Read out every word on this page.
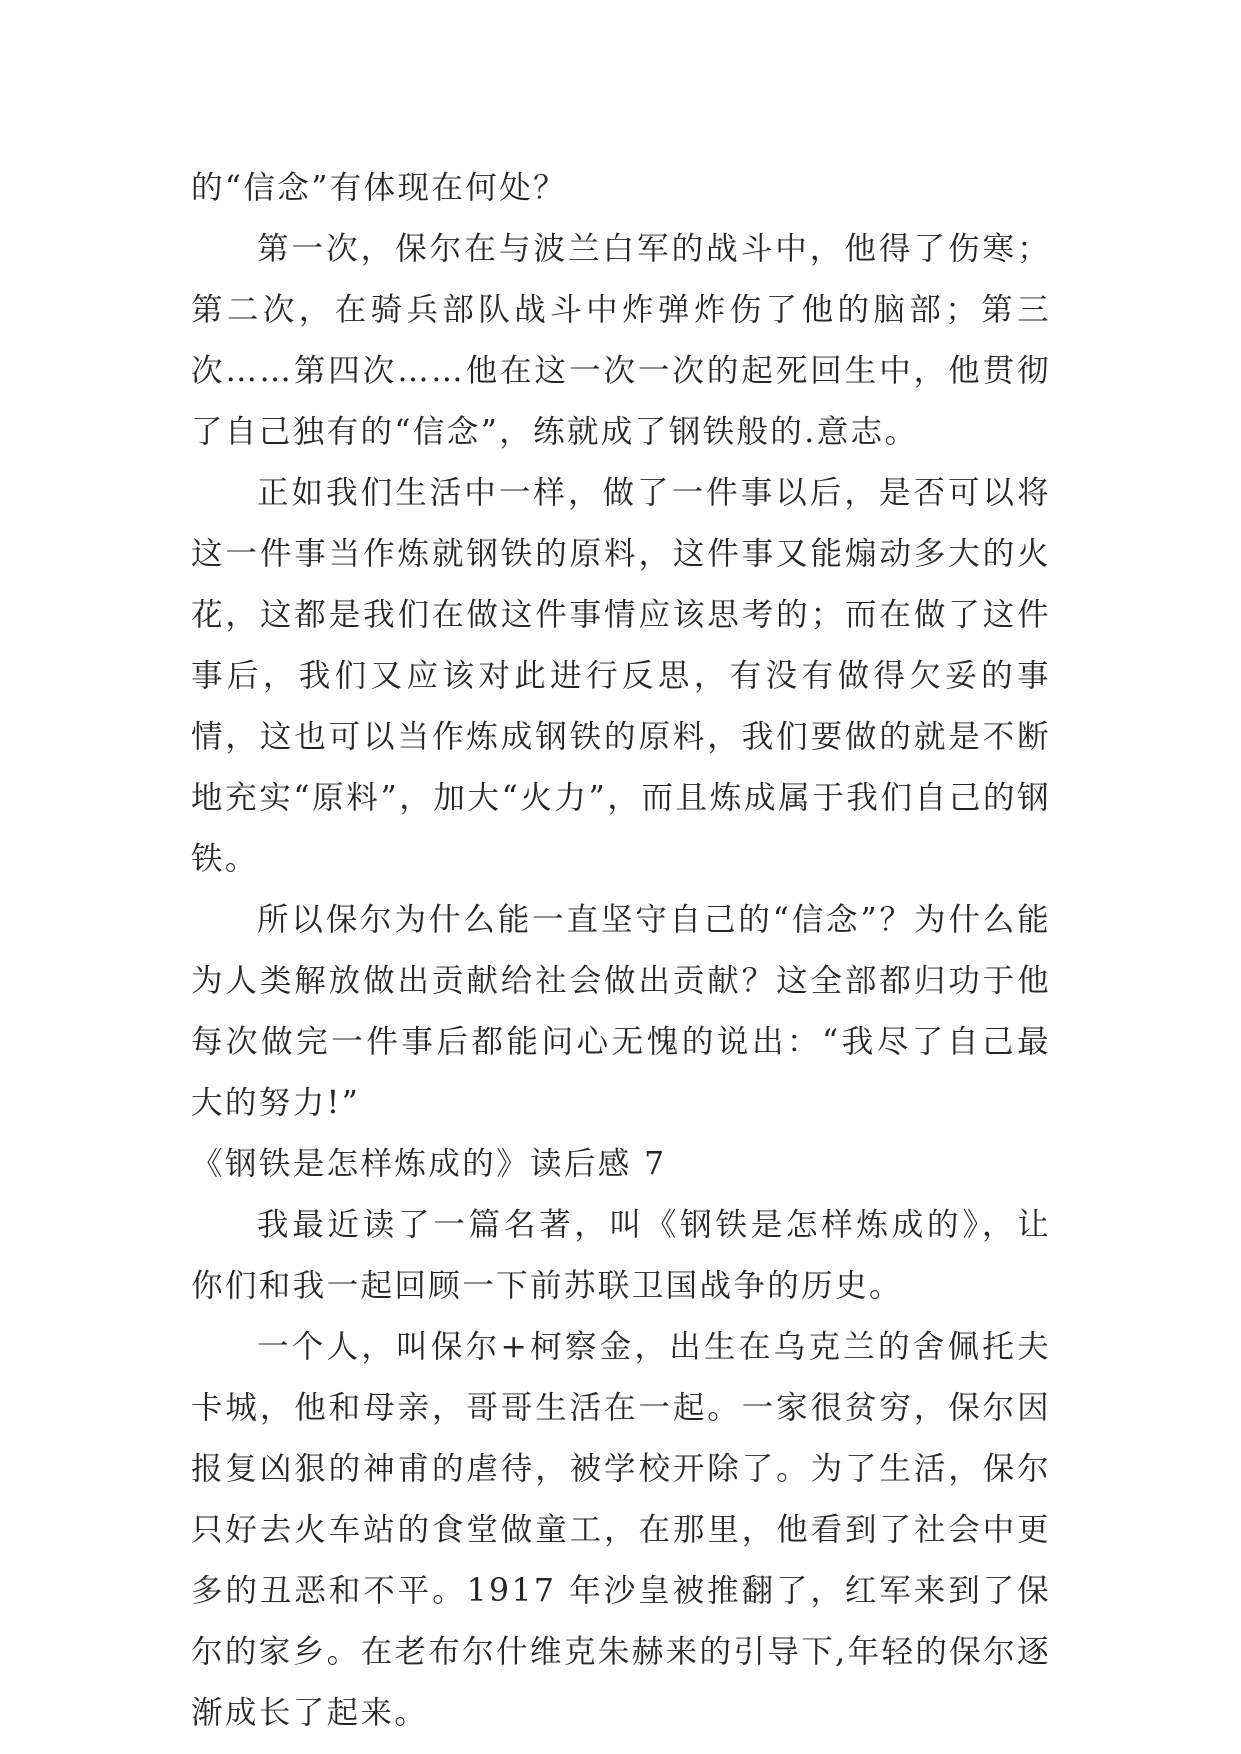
的“信念”有体现在何处？

第一次，保尔在与波兰白军的战斗中，他得了伤寒；第二次，在骑兵部队战斗中炸弹炸伤了他的脑部；第三次……第四次……他在这一次一次的起死回生中，他贯彻了自己独有的“信念”，练就成了钢铁般的.意志。

正如我们生活中一样，做了一件事以后，是否可以将这一件事当作炼就钢铁的原料，这件事又能煽动多大的火花，这都是我们在做这件事情应该思考的；而在做了这件事后，我们又应该对此进行反思，有没有做得欠妥的事情，这也可以当作炼成钢铁的原料，我们要做的就是不断地充实“原料”，加大“火力”，而且炼成属于我们自己的钢铁。

所以保尔为什么能一直坚守自己的“信念”？为什么能为人类解放做出贡献给社会做出贡献？这全部都归功于他每次做完一件事后都能问心无愧的说出：“我尽了自己最大的努力!”

《钢铁是怎样炼成的》读后感 7

我最近读了一篇名著，叫《钢铁是怎样炼成的》，让你们和我一起回顾一下前苏联卫国战争的历史。

一个人，叫保尔+柯察金，出生在乌克兰的舍佩托夫卡城，他和母亲，哥哥生活在一起。一家很贫穷，保尔因报复凶狠的神甫的虐待，被学校开除了。为了生活，保尔只好去火车站的食堂做童工，在那里，他看到了社会中更多的丑恶和不平。1917 年沙皇被推翻了，红军来到了保尔的家乡。在老布尔什维克朱赫来的引导下,年轻的保尔逐渐成长了起来。
